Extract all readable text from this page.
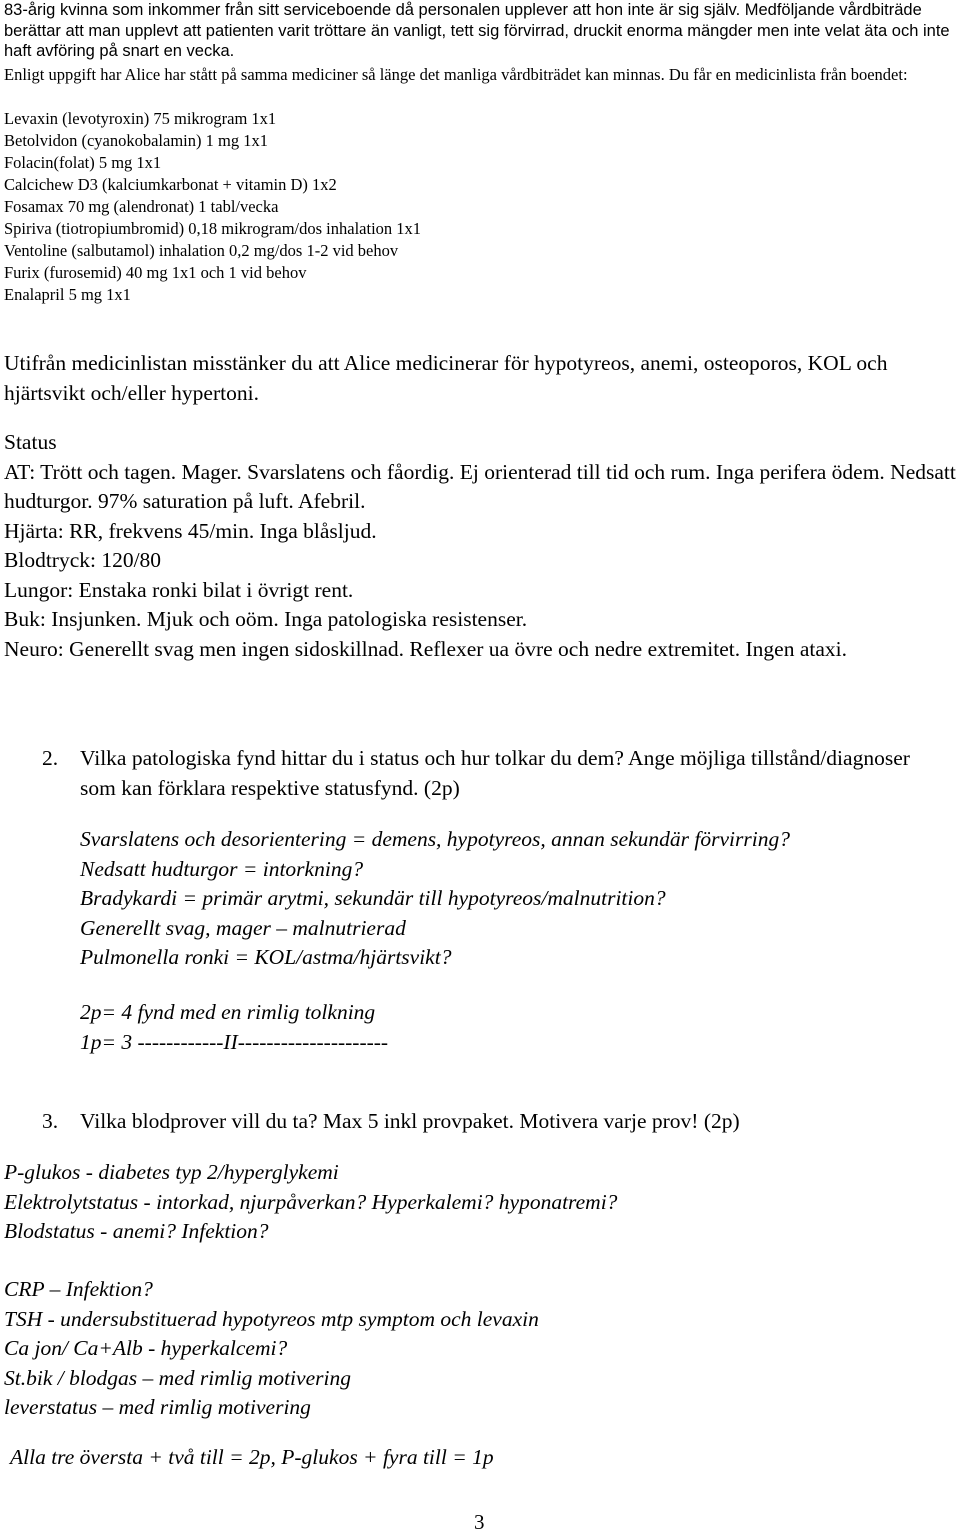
83-årig kvinna som inkommer från sitt serviceboende då personalen upplever att hon inte är sig själv. Medföljande vårdbiträde berättar att man upplevt att patienten varit tröttare än vanligt, tett sig förvirrad, druckit enorma mängder men inte velat äta och inte haft avföring på snart en vecka.

Enligt uppgift har Alice har stått på samma mediciner så länge det manliga vårdbiträdet kan minnas. Du får en medicinlista från boendet:

Levaxin (levotyroxin) 75 mikrogram 1x1
Betolvidon (cyanokobalamin) 1 mg 1x1
Folacin(folat) 5 mg 1x1
Calcichew D3 (kalciumkarbonat + vitamin D) 1x2
Fosamax 70 mg (alendronat) 1 tabl/vecka
Spiriva (tiotropiumbromid) 0,18 mikrogram/dos inhalation 1x1
Ventoline (salbutamol) inhalation 0,2 mg/dos 1-2 vid behov
Furix (furosemid) 40 mg 1x1 och 1 vid behov
Enalapril 5 mg 1x1

Utifrån medicinlistan misstänker du att Alice medicinerar för hypotyreos, anemi, osteoporos, KOL och hjärtsvikt och/eller hypertoni.

Status
AT: Trött och tagen. Mager. Svarslatens och fåordig. Ej orienterad till tid och rum. Inga perifera ödem. Nedsatt hudturgor. 97% saturation på luft. Afebril.
Hjärta: RR, frekvens 45/min. Inga blåsljud.
Blodtryck: 120/80
Lungor: Enstaka ronki bilat i övrigt rent.
Buk: Insjunken. Mjuk och oöm. Inga patologiska resistenser.
Neuro: Generellt svag men ingen sidoskillnad. Reflexer ua övre och nedre extremitet. Ingen ataxi.
2. Vilka patologiska fynd hittar du i status och hur tolkar du dem? Ange möjliga tillstånd/diagnoser som kan förklara respektive statusfynd. (2p)
Svarslatens och desorientering = demens, hypotyreos, annan sekundär förvirring?
Nedsatt hudturgor = intorkning?
Bradykardi = primär arytmi, sekundär till hypotyreos/malnutrition?
Generellt svag, mager – malnutrierad
Pulmonella ronki = KOL/astma/hjärtsvikt?
2p= 4 fynd med en rimlig tolkning
1p= 3 ------------II---------------------
3. Vilka blodprover vill du ta? Max 5 inkl provpaket. Motivera varje prov! (2p)
P-glukos - diabetes typ 2/hyperglykemi
Elektrolytstatus - intorkad, njurpåverkan? Hyperkalemi? hyponatremi?
Blodstatus - anemi? Infektion?
CRP – Infektion?
TSH - undersubstituerad hypotyreos mtp symptom och levaxin
Ca jon/ Ca+Alb - hyperkalcemi?
St.bik / blodgas – med rimlig motivering
leverstatus – med rimlig motivering
Alla tre översta + två till = 2p, P-glukos + fyra till = 1p
3
